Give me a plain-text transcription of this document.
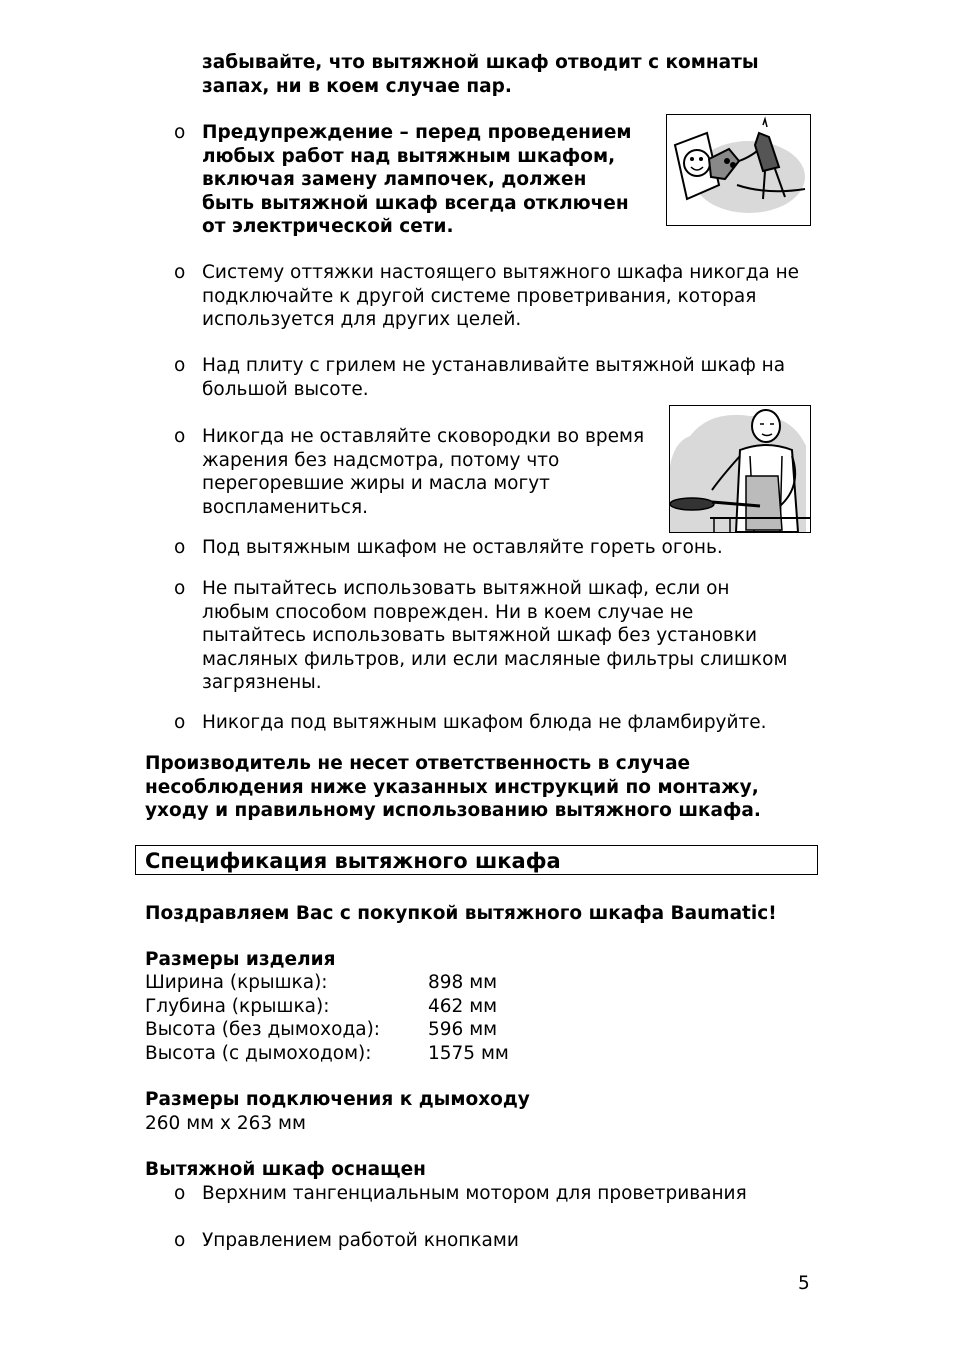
забывайте, что вытяжной шкаф отводит с комнаты
запах, ни в коем случае пар.
o Предупреждение – перед проведением
любых работ над вытяжным шкафом,
включая замену лампочек, должен
быть вытяжной шкаф всегда отключен
от электрической сети.
o Систему оттяжки настоящего вытяжного шкафа никогда не
подключайте к другой системе проветривания, которая
используется для других целей.
o Над плиту с грилем не устанавливайте вытяжной шкаф на
большой высоте.
o Никогда не оставляйте сковородки во время
жарения без надсмотра, потому что
перегоревшие жиры и масла могут
воспламениться.
o Под вытяжным шкафом не оставляйте гореть огонь.
o Не пытайтесь использовать вытяжной шкаф, если он
любым способом поврежден. Ни в коем случае не
пытайтесь использовать вытяжной шкаф без установки
масляных фильтров, или если масляные фильтры слишком
загрязнены.
o Никогда под вытяжным шкафом блюда не фламбируйте.
Производитель не несет ответственность в случае
несоблюдения ниже указанных инструкций по монтажу,
уходу и правильному использованию вытяжного шкафа.
Спецификация вытяжного шкафа
Поздравляем Вас с покупкой вытяжного шкафа Baumatic!
Размеры изделия
Ширина (крышка):	898 мм
Глубина (крышка):	462 мм
Высота (без дымохода):	596 мм
Высота (с дымоходом):	1575 мм
Размеры подключения к дымоходу
260 мм x 263 мм
Вытяжной шкаф оснащен
o Верхним тангенциальным мотором для проветривания
o Управлением работой кнопками
5
